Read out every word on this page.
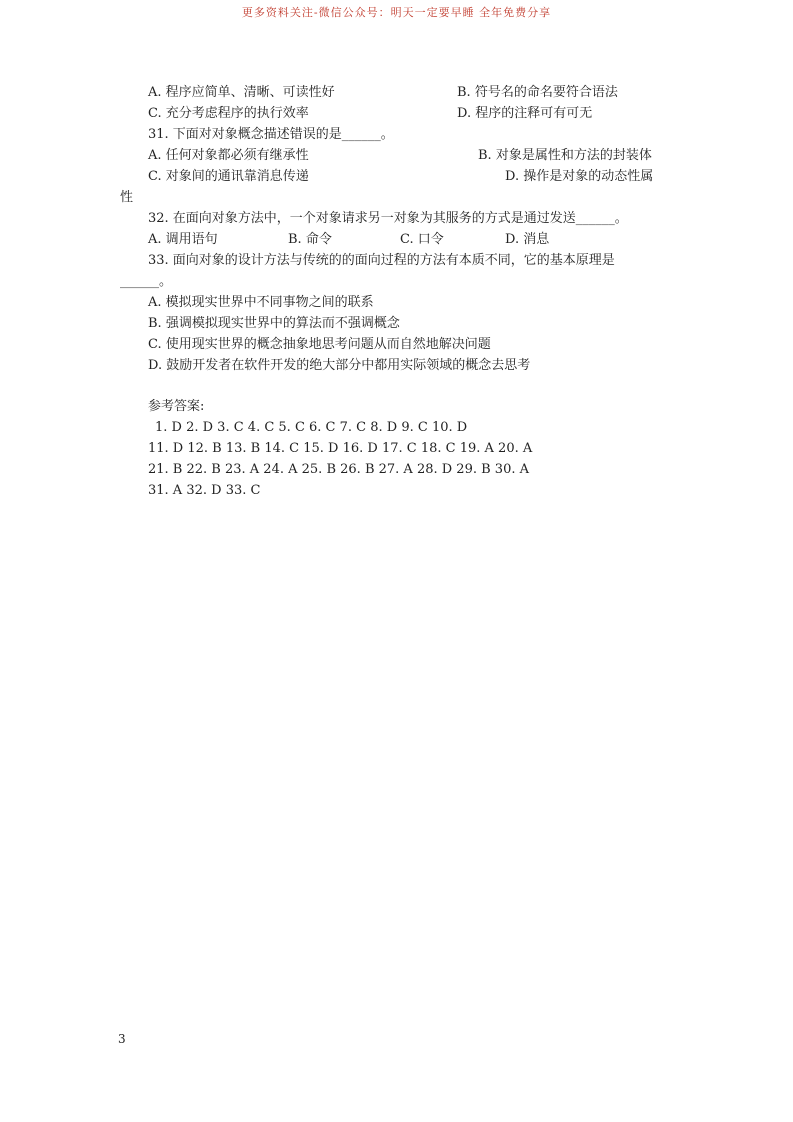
更多资料关注-微信公众号：明天一定要早睡 全年免费分享
A. 程序应简单、清晰、可读性好	B. 符号名的命名要符合语法
C. 充分考虑程序的执行效率	D. 程序的注释可有可无
31. 下面对对象概念描述错误的是______。
A. 任何对象都必须有继承性	B. 对象是属性和方法的封装体
C. 对象间的通讯靠消息传递	D. 操作是对象的动态性属
性
32. 在面向对象方法中，一个对象请求另一对象为其服务的方式是通过发送______。
A. 调用语句	B. 命令	C. 口令	D. 消息
33. 面向对象的设计方法与传统的的面向过程的方法有本质不同，它的基本原理是
______。
A. 模拟现实世界中不同事物之间的联系
B. 强调模拟现实世界中的算法而不强调概念
C. 使用现实世界的概念抽象地思考问题从而自然地解决问题
D. 鼓励开发者在软件开发的绝大部分中都用实际领域的概念去思考
参考答案:
1. D 2. D 3. C 4. C 5. C 6. C 7. C 8. D 9. C 10. D
11. D 12. B 13. B 14. C 15. D 16. D 17. C 18. C 19. A 20. A
21. B 22. B 23. A 24. A 25. B 26. B 27. A 28. D 29. B 30. A
31. A 32. D 33. C
3
